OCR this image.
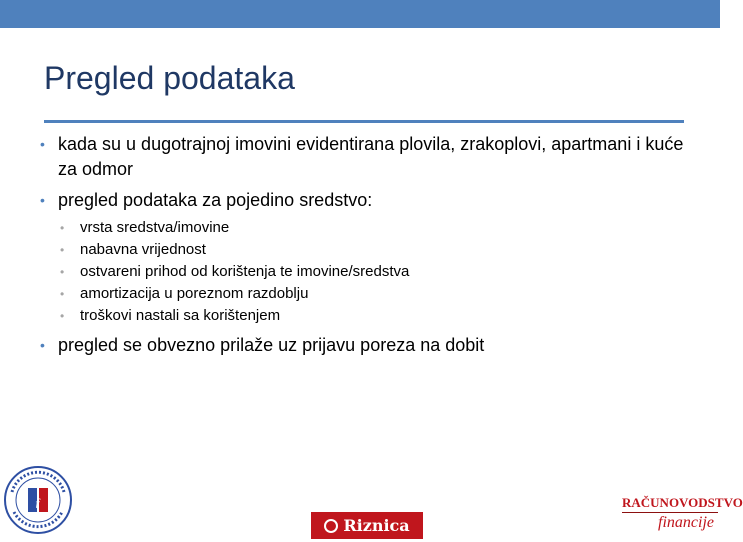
Pregled podataka
• kada su u dugotrajnoj imovini evidentirana plovila, zrakoplovi, apartmani i kuće za odmor
• pregled podataka za pojedino sredstvo:
• vrsta sredstva/imovine
• nabavna vrijednost
• ostvareni prihod od korištenja te imovine/sredstva
• amortizacija u poreznom razdoblju
• troškovi nastali sa korištenjem
• pregled se obvezno prilaže uz prijavu poreza na dobit
ƒ
Riznica
RAČUNOVODSTVO
financije
